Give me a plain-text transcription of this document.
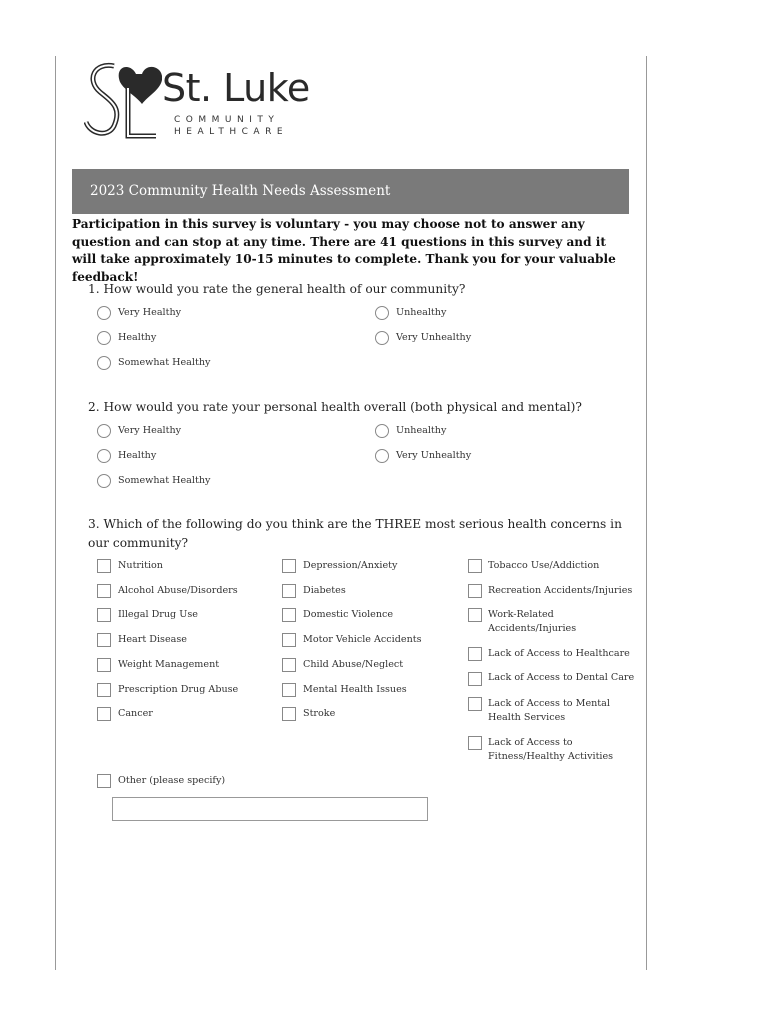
St. Luke
COMMUNITY
HEALTHCARE
2023 Community Health Needs Assessment
Participation in this survey is voluntary - you may choose not to answer any question and can stop at any time. There are 41 questions in this survey and it will take approximately 10-15 minutes to complete. Thank you for your valuable feedback!
1. How would you rate the general health of our community?
Very Healthy	Unhealthy
Healthy	Very Unhealthy
Somewhat Healthy
2. How would you rate your personal health overall (both physical and mental)?
Very Healthy	Unhealthy
Healthy	Very Unhealthy
Somewhat Healthy
3. Which of the following do you think are the THREE most serious health concerns in our community?
Nutrition
Alcohol Abuse/Disorders
Illegal Drug Use
Heart Disease
Weight Management
Prescription Drug Abuse
Cancer
Depression/Anxiety
Diabetes
Domestic Violence
Motor Vehicle Accidents
Child Abuse/Neglect
Mental Health Issues
Stroke
Tobacco Use/Addiction
Recreation Accidents/Injuries
Work-Related Accidents/Injuries
Lack of Access to Healthcare
Lack of Access to Dental Care
Lack of Access to Mental Health Services
Lack of Access to Fitness/Healthy Activities
Other (please specify)
